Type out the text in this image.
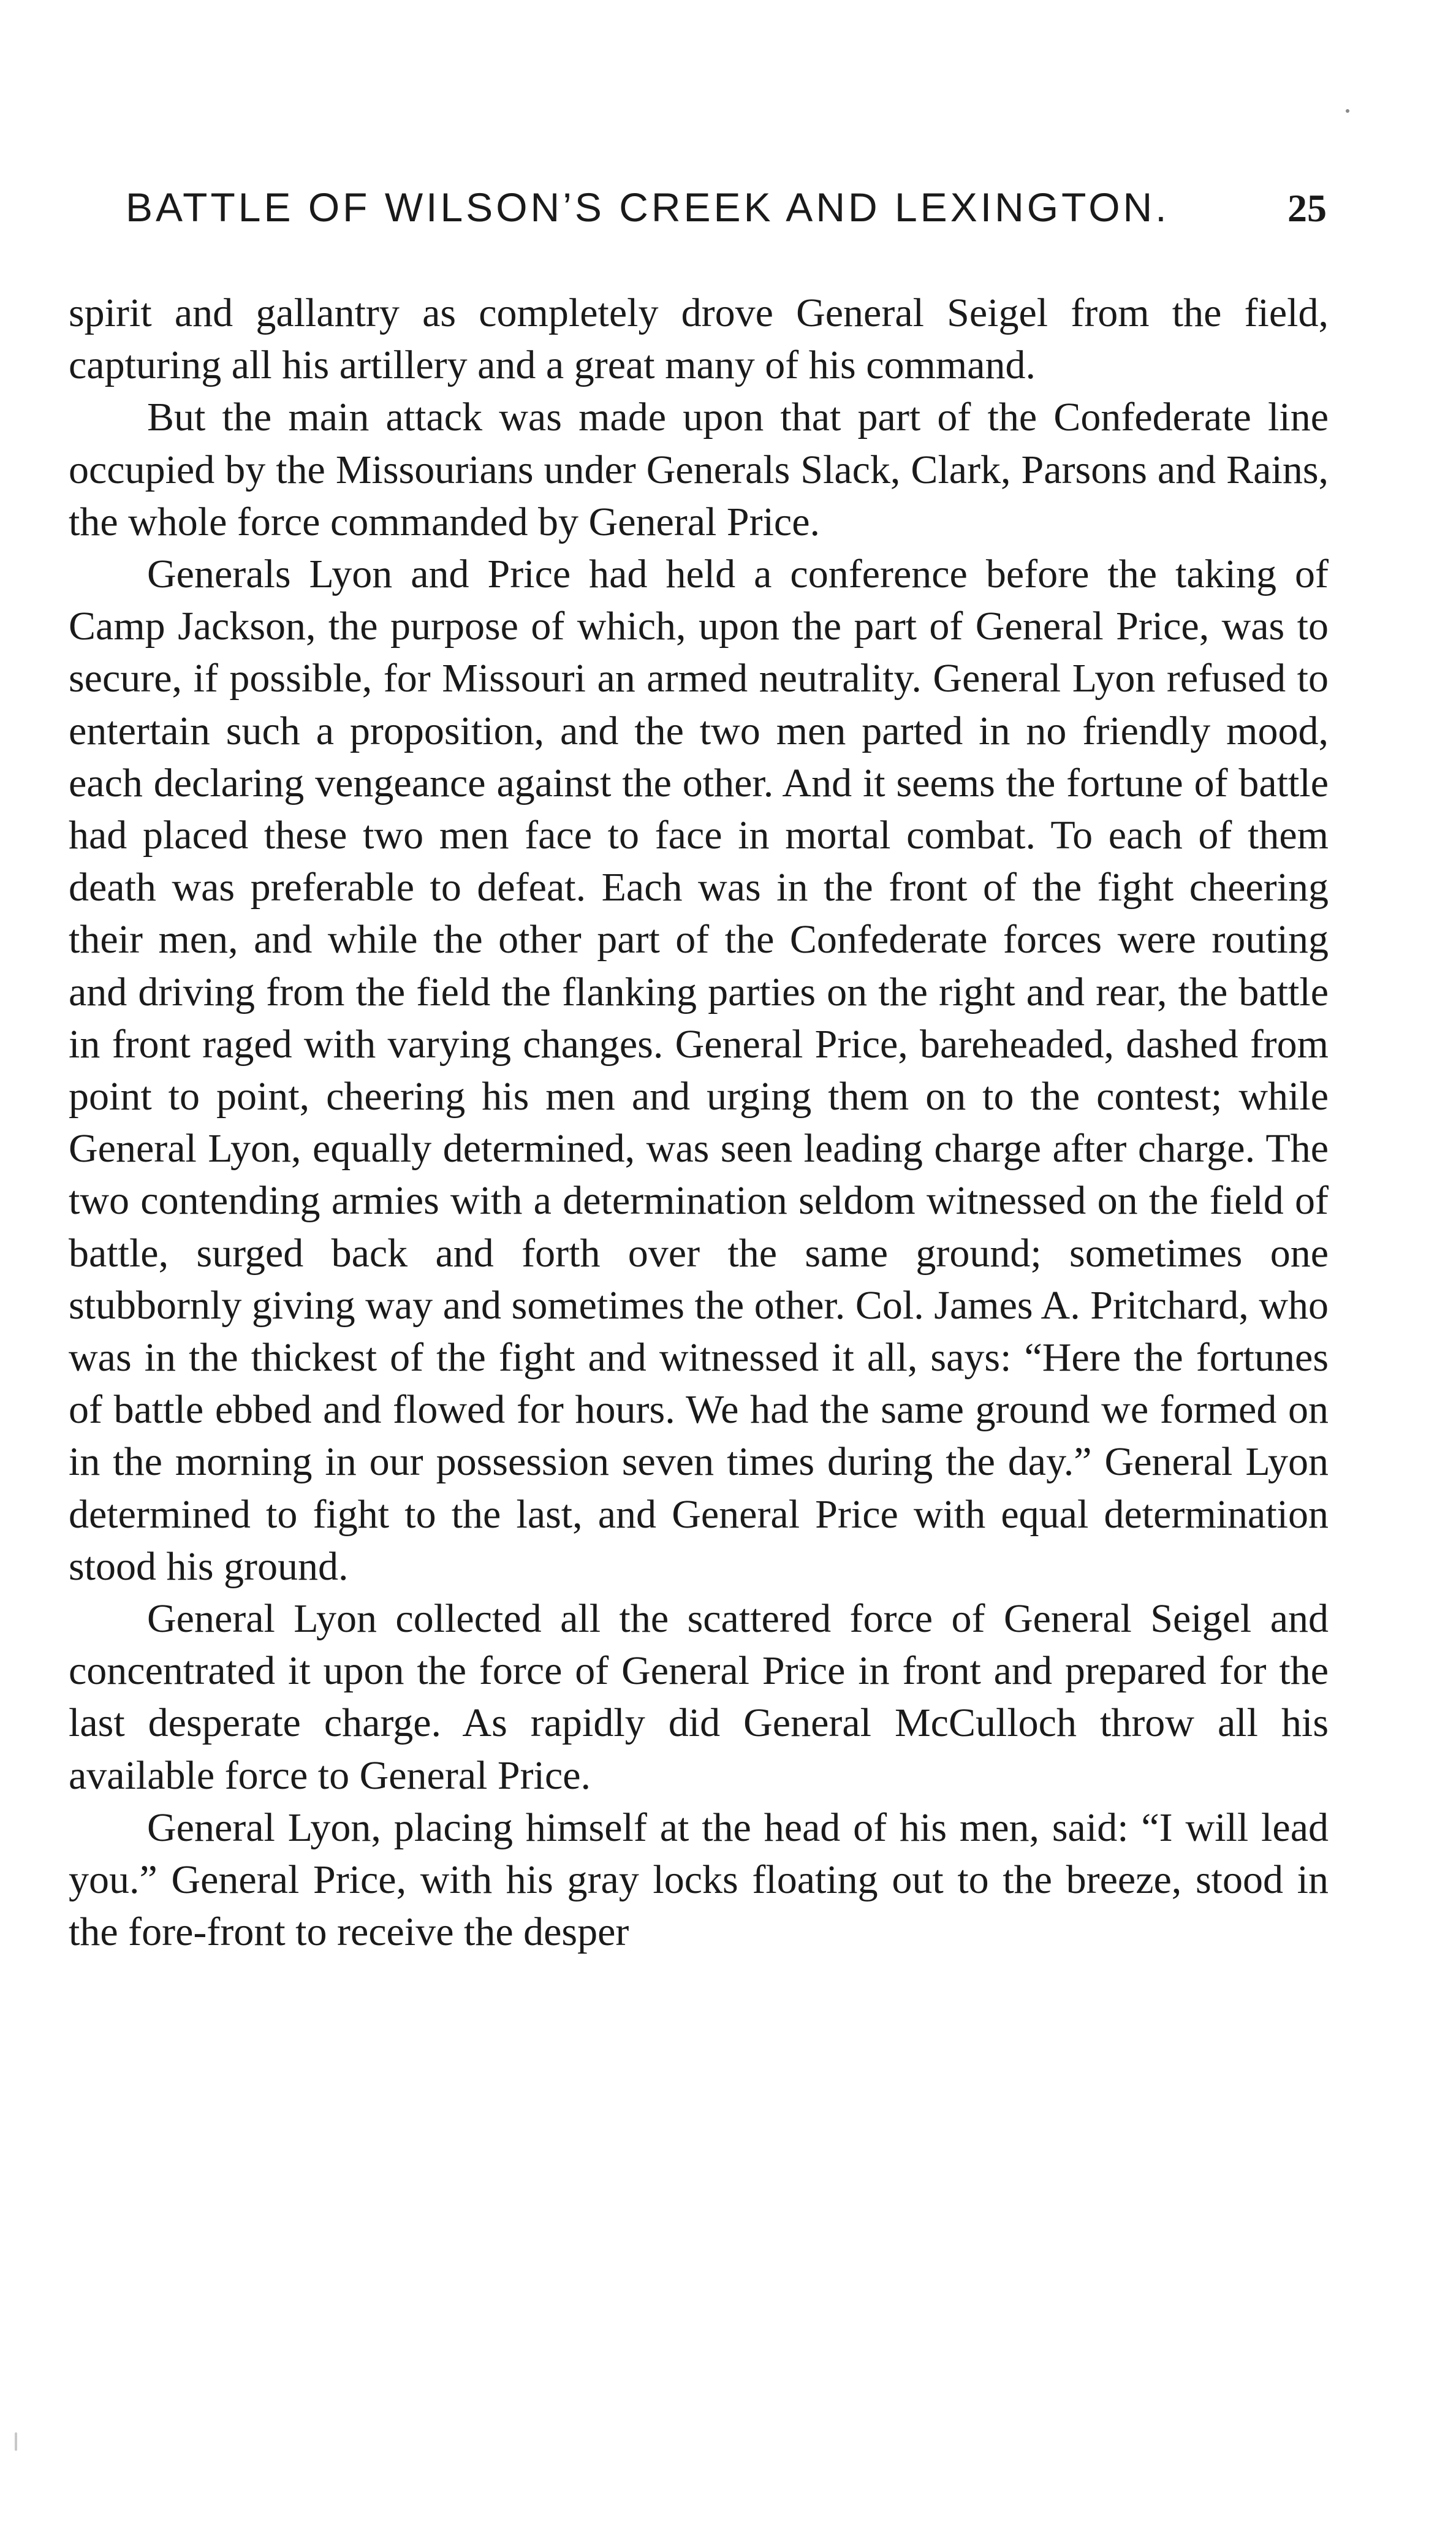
BATTLE OF WILSON’S CREEK AND LEXINGTON.	25

spirit and gallantry as completely drove General Seigel from the field, capturing all his artillery and a great many of his command.

But the main attack was made upon that part of the Confederate line occupied by the Missourians under Generals Slack, Clark, Parsons and Rains, the whole force commanded by General Price.

Generals Lyon and Price had held a conference before the taking of Camp Jackson, the purpose of which, upon the part of General Price, was to secure, if possible, for Missouri an armed neutrality. General Lyon refused to entertain such a proposition, and the two men parted in no friendly mood, each declaring vengeance against the other. And it seems the fortune of battle had placed these two men face to face in mortal combat. To each of them death was preferable to defeat. Each was in the front of the fight cheering their men, and while the other part of the Confederate forces were routing and driving from the field the flanking parties on the right and rear, the battle in front raged with varying changes. General Price, bareheaded, dashed from point to point, cheering his men and urging them on to the contest; while General Lyon, equally determined, was seen leading charge after charge. The two contending armies with a determination seldom witnessed on the field of battle, surged back and forth over the same ground; sometimes one stubbornly giving way and sometimes the other. Col. James A. Pritchard, who was in the thickest of the fight and witnessed it all, says: “Here the fortunes of battle ebbed and flowed for hours. We had the same ground we formed on in the morning in our possession seven times during the day.” General Lyon determined to fight to the last, and General Price with equal determination stood his ground.

General Lyon collected all the scattered force of General Seigel and concentrated it upon the force of General Price in front and prepared for the last desperate charge. As rapidly did General McCulloch throw all his available force to General Price.

General Lyon, placing himself at the head of his men, said: “I will lead you.” General Price, with his gray locks floating out to the breeze, stood in the fore-front to receive the desper
